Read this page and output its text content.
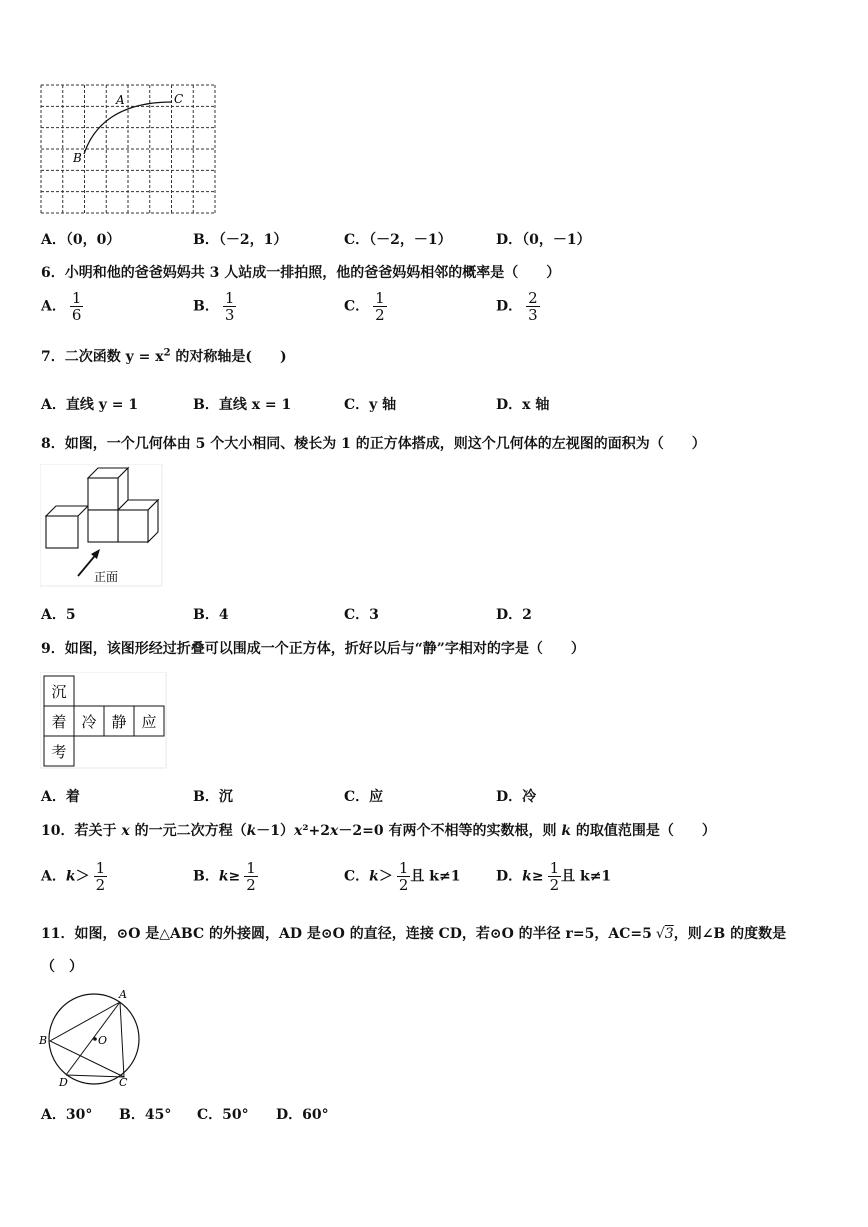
A	C
B
A．（0，0）	B．（－2，1）	C．（－2，－1）	D．（0，－1）
6．小明和他的爸爸妈妈共 3 人站成一排拍照，他的爸爸妈妈相邻的概率是（　　）
A． $\frac{1}{6}$	B． $\frac{1}{3}$	C． $\frac{1}{2}$	D． $\frac{2}{3}$
7．二次函数 $y = x^2$ 的对称轴是(　　)
A．直线 y = 1	B．直线 x = 1	C．y 轴	D．x 轴
8．如图，一个几何体由 5 个大小相同、棱长为 1 的正方体搭成，则这个几何体的左视图的面积为（　　）
正面
A．5	B．4	C．3	D．2
9．如图，该图形经过折叠可以围成一个正方体，折好以后与“静”字相对的字是（　　）
沉
着 冷 静 应
考
A．着	B．沉	C．应	D．冷
10．若关于 x 的一元二次方程（k－1）x²+2x－2=0 有两个不相等的实数根，则 k 的取值范围是（　　）
A．$k> \frac{1}{2}$	B．$k\ge \frac{1}{2}$	C．$k> \frac{1}{2}$ 且 k≠1	D．$k\ge \frac{1}{2}$ 且 k≠1
11．如图，⊙O 是△ABC 的外接圆，AD 是⊙O 的直径，连接 CD，若⊙O 的半径 r=5，AC=5 √3，则∠B 的度数是
（　）
A
B
C
D
O
A．30° B．45° C．50° D．60°
